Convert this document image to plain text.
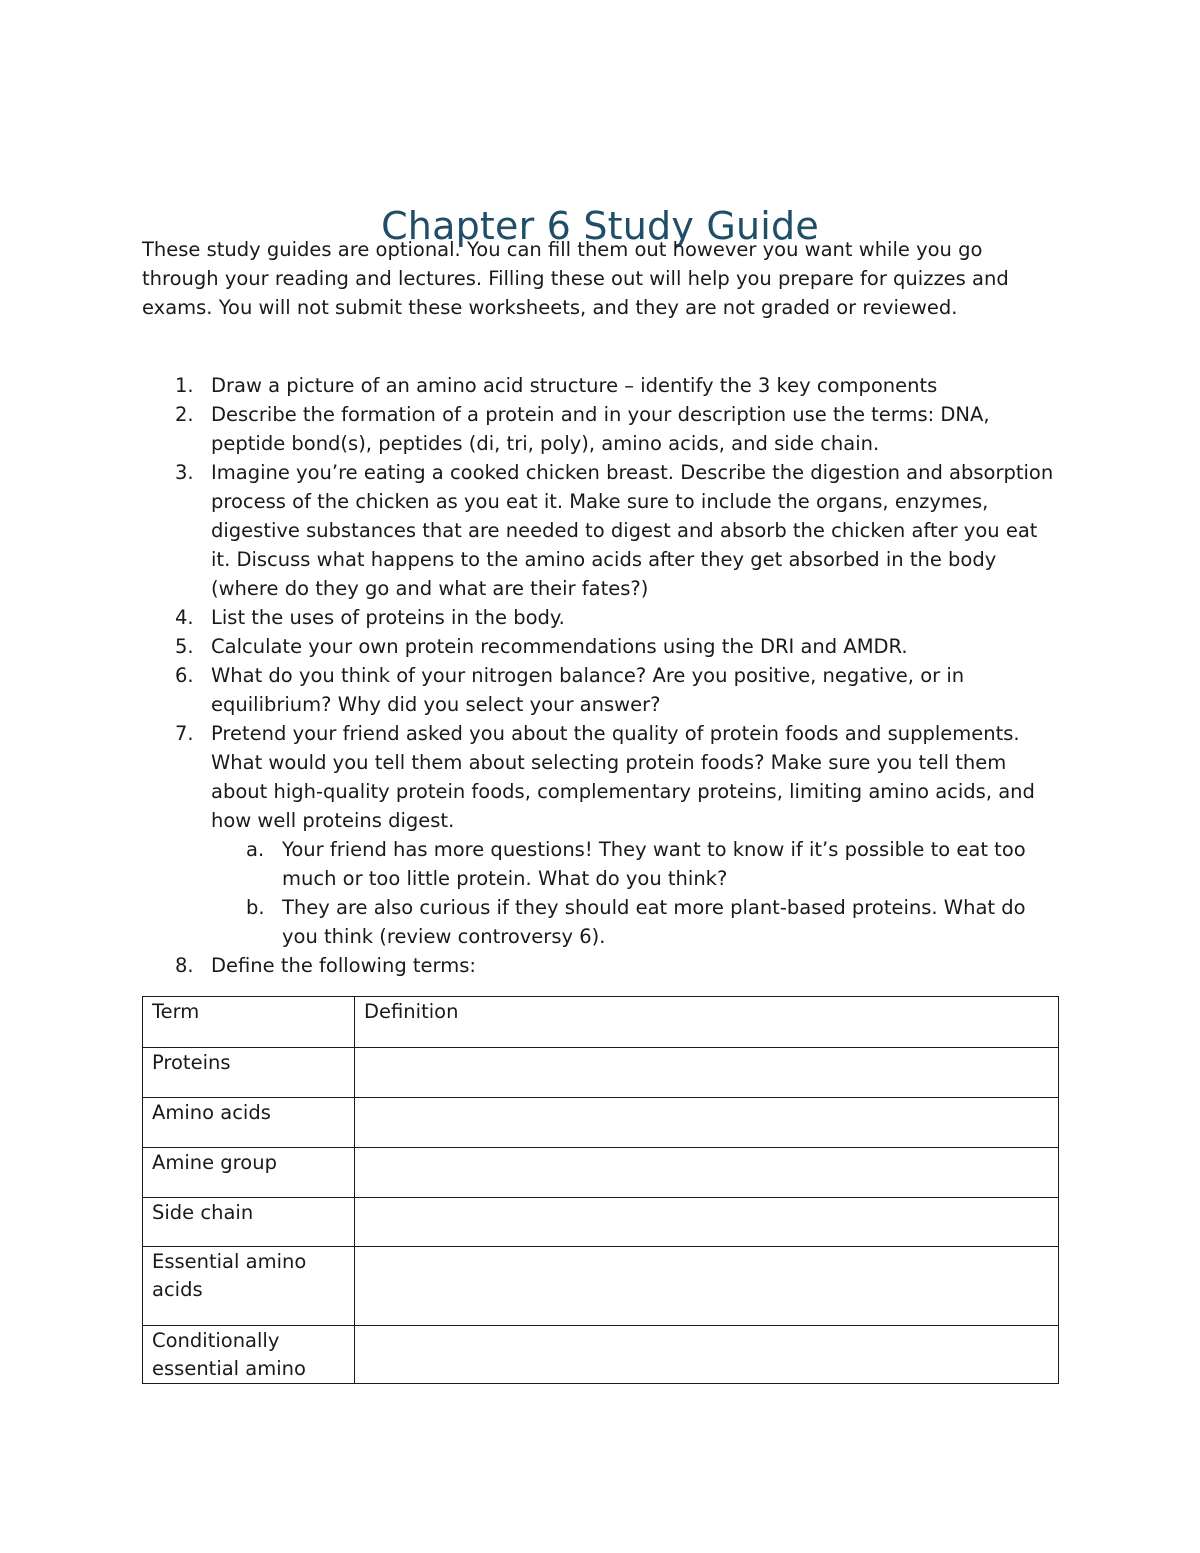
Chapter 6 Study Guide

These study guides are optional. You can fill them out however you want while you go through your reading and lectures. Filling these out will help you prepare for quizzes and exams. You will not submit these worksheets, and they are not graded or reviewed.

1. Draw a picture of an amino acid structure – identify the 3 key components
2. Describe the formation of a protein and in your description use the terms: DNA, peptide bond(s), peptides (di, tri, poly), amino acids, and side chain.
3. Imagine you’re eating a cooked chicken breast. Describe the digestion and absorption process of the chicken as you eat it. Make sure to include the organs, enzymes, digestive substances that are needed to digest and absorb the chicken after you eat it. Discuss what happens to the amino acids after they get absorbed in the body (where do they go and what are their fates?)
4. List the uses of proteins in the body.
5. Calculate your own protein recommendations using the DRI and AMDR.
6. What do you think of your nitrogen balance? Are you positive, negative, or in equilibrium? Why did you select your answer?
7. Pretend your friend asked you about the quality of protein foods and supplements. What would you tell them about selecting protein foods? Make sure you tell them about high-quality protein foods, complementary proteins, limiting amino acids, and how well proteins digest.
a. Your friend has more questions! They want to know if it’s possible to eat too much or too little protein. What do you think?
b. They are also curious if they should eat more plant-based proteins. What do you think (review controversy 6).
8. Define the following terms:
Term	Definition
Proteins	
Amino acids	
Amine group	
Side chain	
Essential amino acids	
Conditionally essential amino	
